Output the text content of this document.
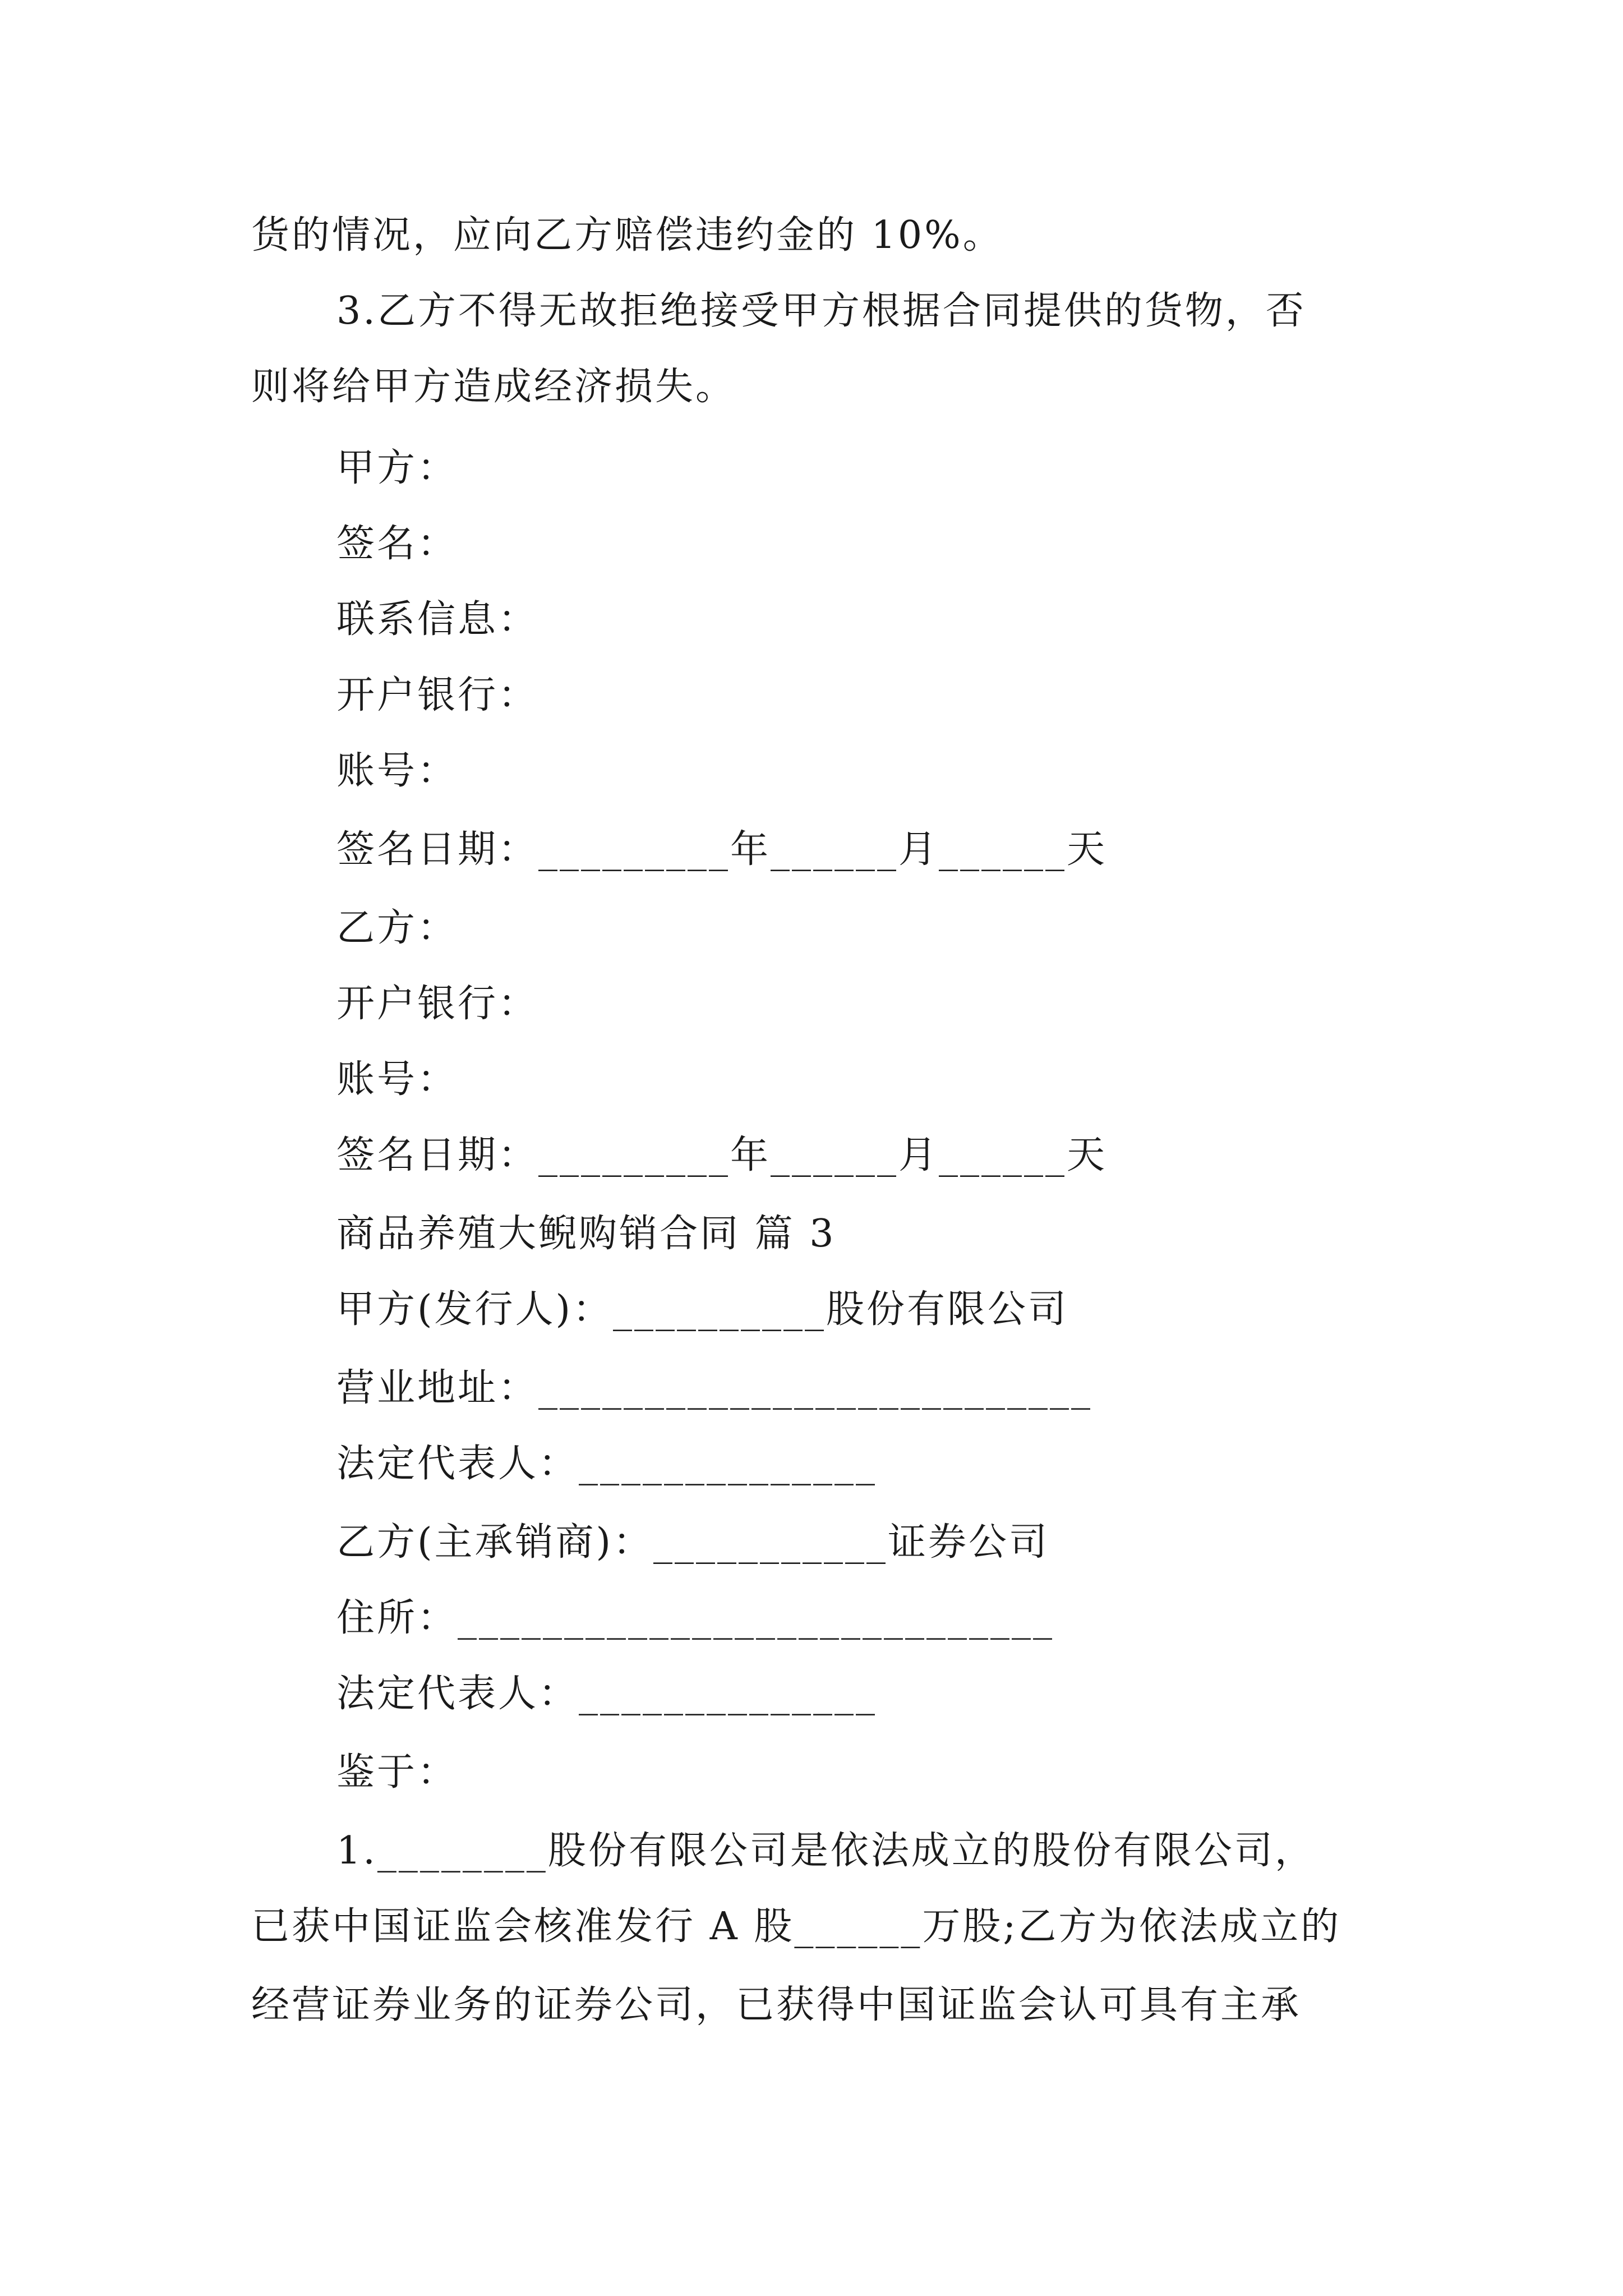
货的情况，应向乙方赔偿违约金的 10%。
3.乙方不得无故拒绝接受甲方根据合同提供的货物，否
则将给甲方造成经济损失。
甲方：
签名：
联系信息：
开户银行：
账号：
签名日期：_________年______月______天
乙方：
开户银行：
账号：
签名日期：_________年______月______天
商品养殖大鲵购销合同 篇 3
甲方(发行人)：__________股份有限公司
营业地址：__________________________
法定代表人：______________
乙方(主承销商)：___________证券公司
住所：____________________________
法定代表人：______________
鉴于：
1.________股份有限公司是依法成立的股份有限公司，
已获中国证监会核准发行 A 股______万股;乙方为依法成立的
经营证券业务的证券公司，已获得中国证监会认可具有主承
